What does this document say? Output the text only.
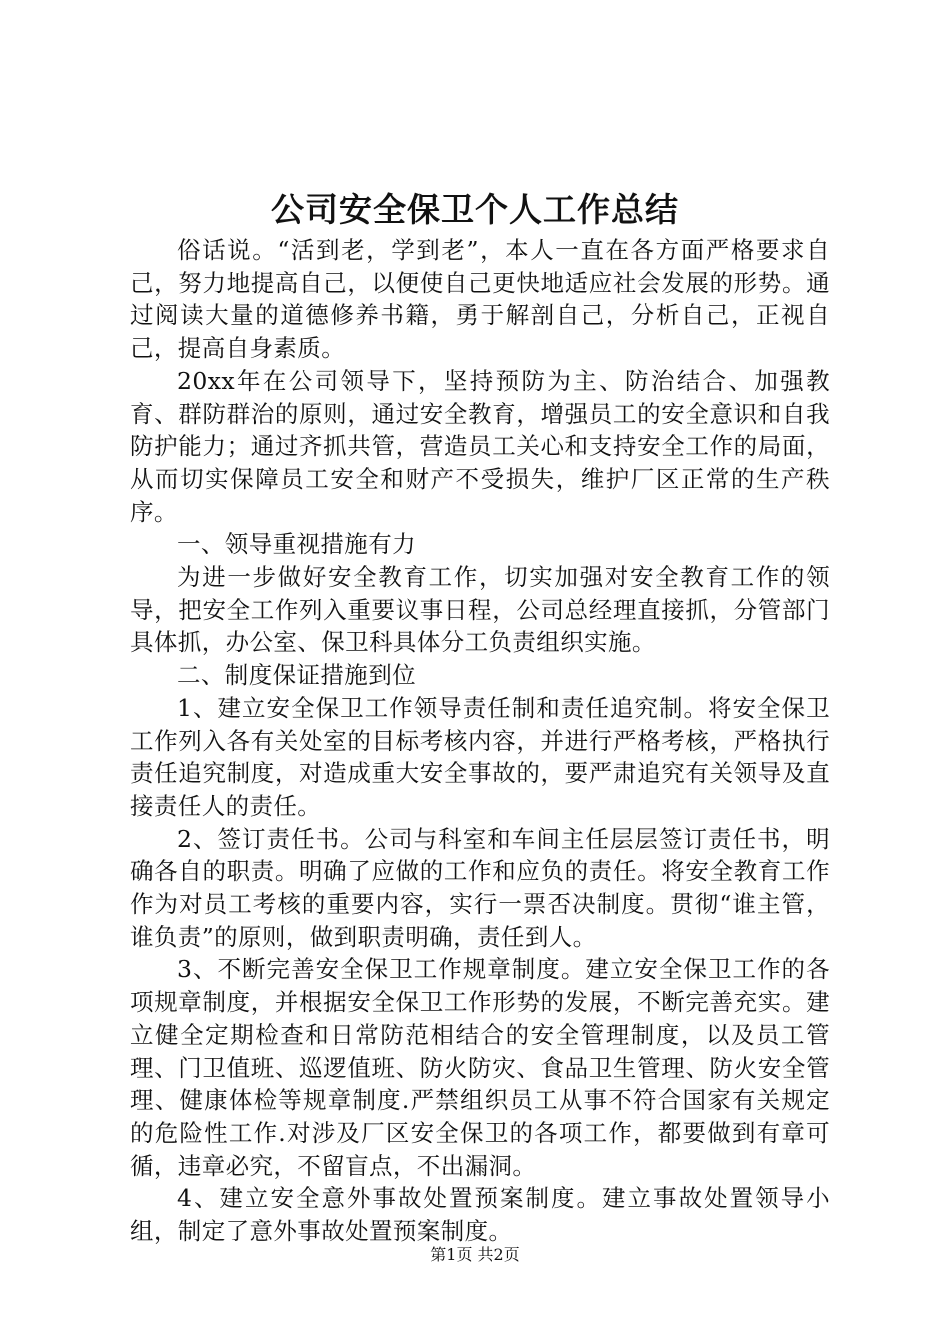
公司安全保卫个人工作总结

俗话说。“活到老，学到老”，本人一直在各方面严格要求自己，努力地提高自己，以便使自己更快地适应社会发展的形势。通过阅读大量的道德修养书籍，勇于解剖自己，分析自己，正视自己，提高自身素质。

20xx年在公司领导下，坚持预防为主、防治结合、加强教育、群防群治的原则，通过安全教育，增强员工的安全意识和自我防护能力；通过齐抓共管，营造员工关心和支持安全工作的局面，从而切实保障员工安全和财产不受损失，维护厂区正常的生产秩序。

一、领导重视措施有力

为进一步做好安全教育工作，切实加强对安全教育工作的领导，把安全工作列入重要议事日程，公司总经理直接抓，分管部门具体抓，办公室、保卫科具体分工负责组织实施。

二、制度保证措施到位

1、建立安全保卫工作领导责任制和责任追究制。将安全保卫工作列入各有关处室的目标考核内容，并进行严格考核，严格执行责任追究制度，对造成重大安全事故的，要严肃追究有关领导及直接责任人的责任。

2、签订责任书。公司与科室和车间主任层层签订责任书，明确各自的职责。明确了应做的工作和应负的责任。将安全教育工作作为对员工考核的重要内容，实行一票否决制度。贯彻“谁主管，谁负责”的原则，做到职责明确，责任到人。

3、不断完善安全保卫工作规章制度。建立安全保卫工作的各项规章制度，并根据安全保卫工作形势的发展，不断完善充实。建立健全定期检查和日常防范相结合的安全管理制度，以及员工管理、门卫值班、巡逻值班、防火防灾、食品卫生管理、防火安全管理、健康体检等规章制度.严禁组织员工从事不符合国家有关规定的危险性工作.对涉及厂区安全保卫的各项工作，都要做到有章可循，违章必究，不留盲点，不出漏洞。

4、建立安全意外事故处置预案制度。建立事故处置领导小组，制定了意外事故处置预案制度。

第1页 共2页
